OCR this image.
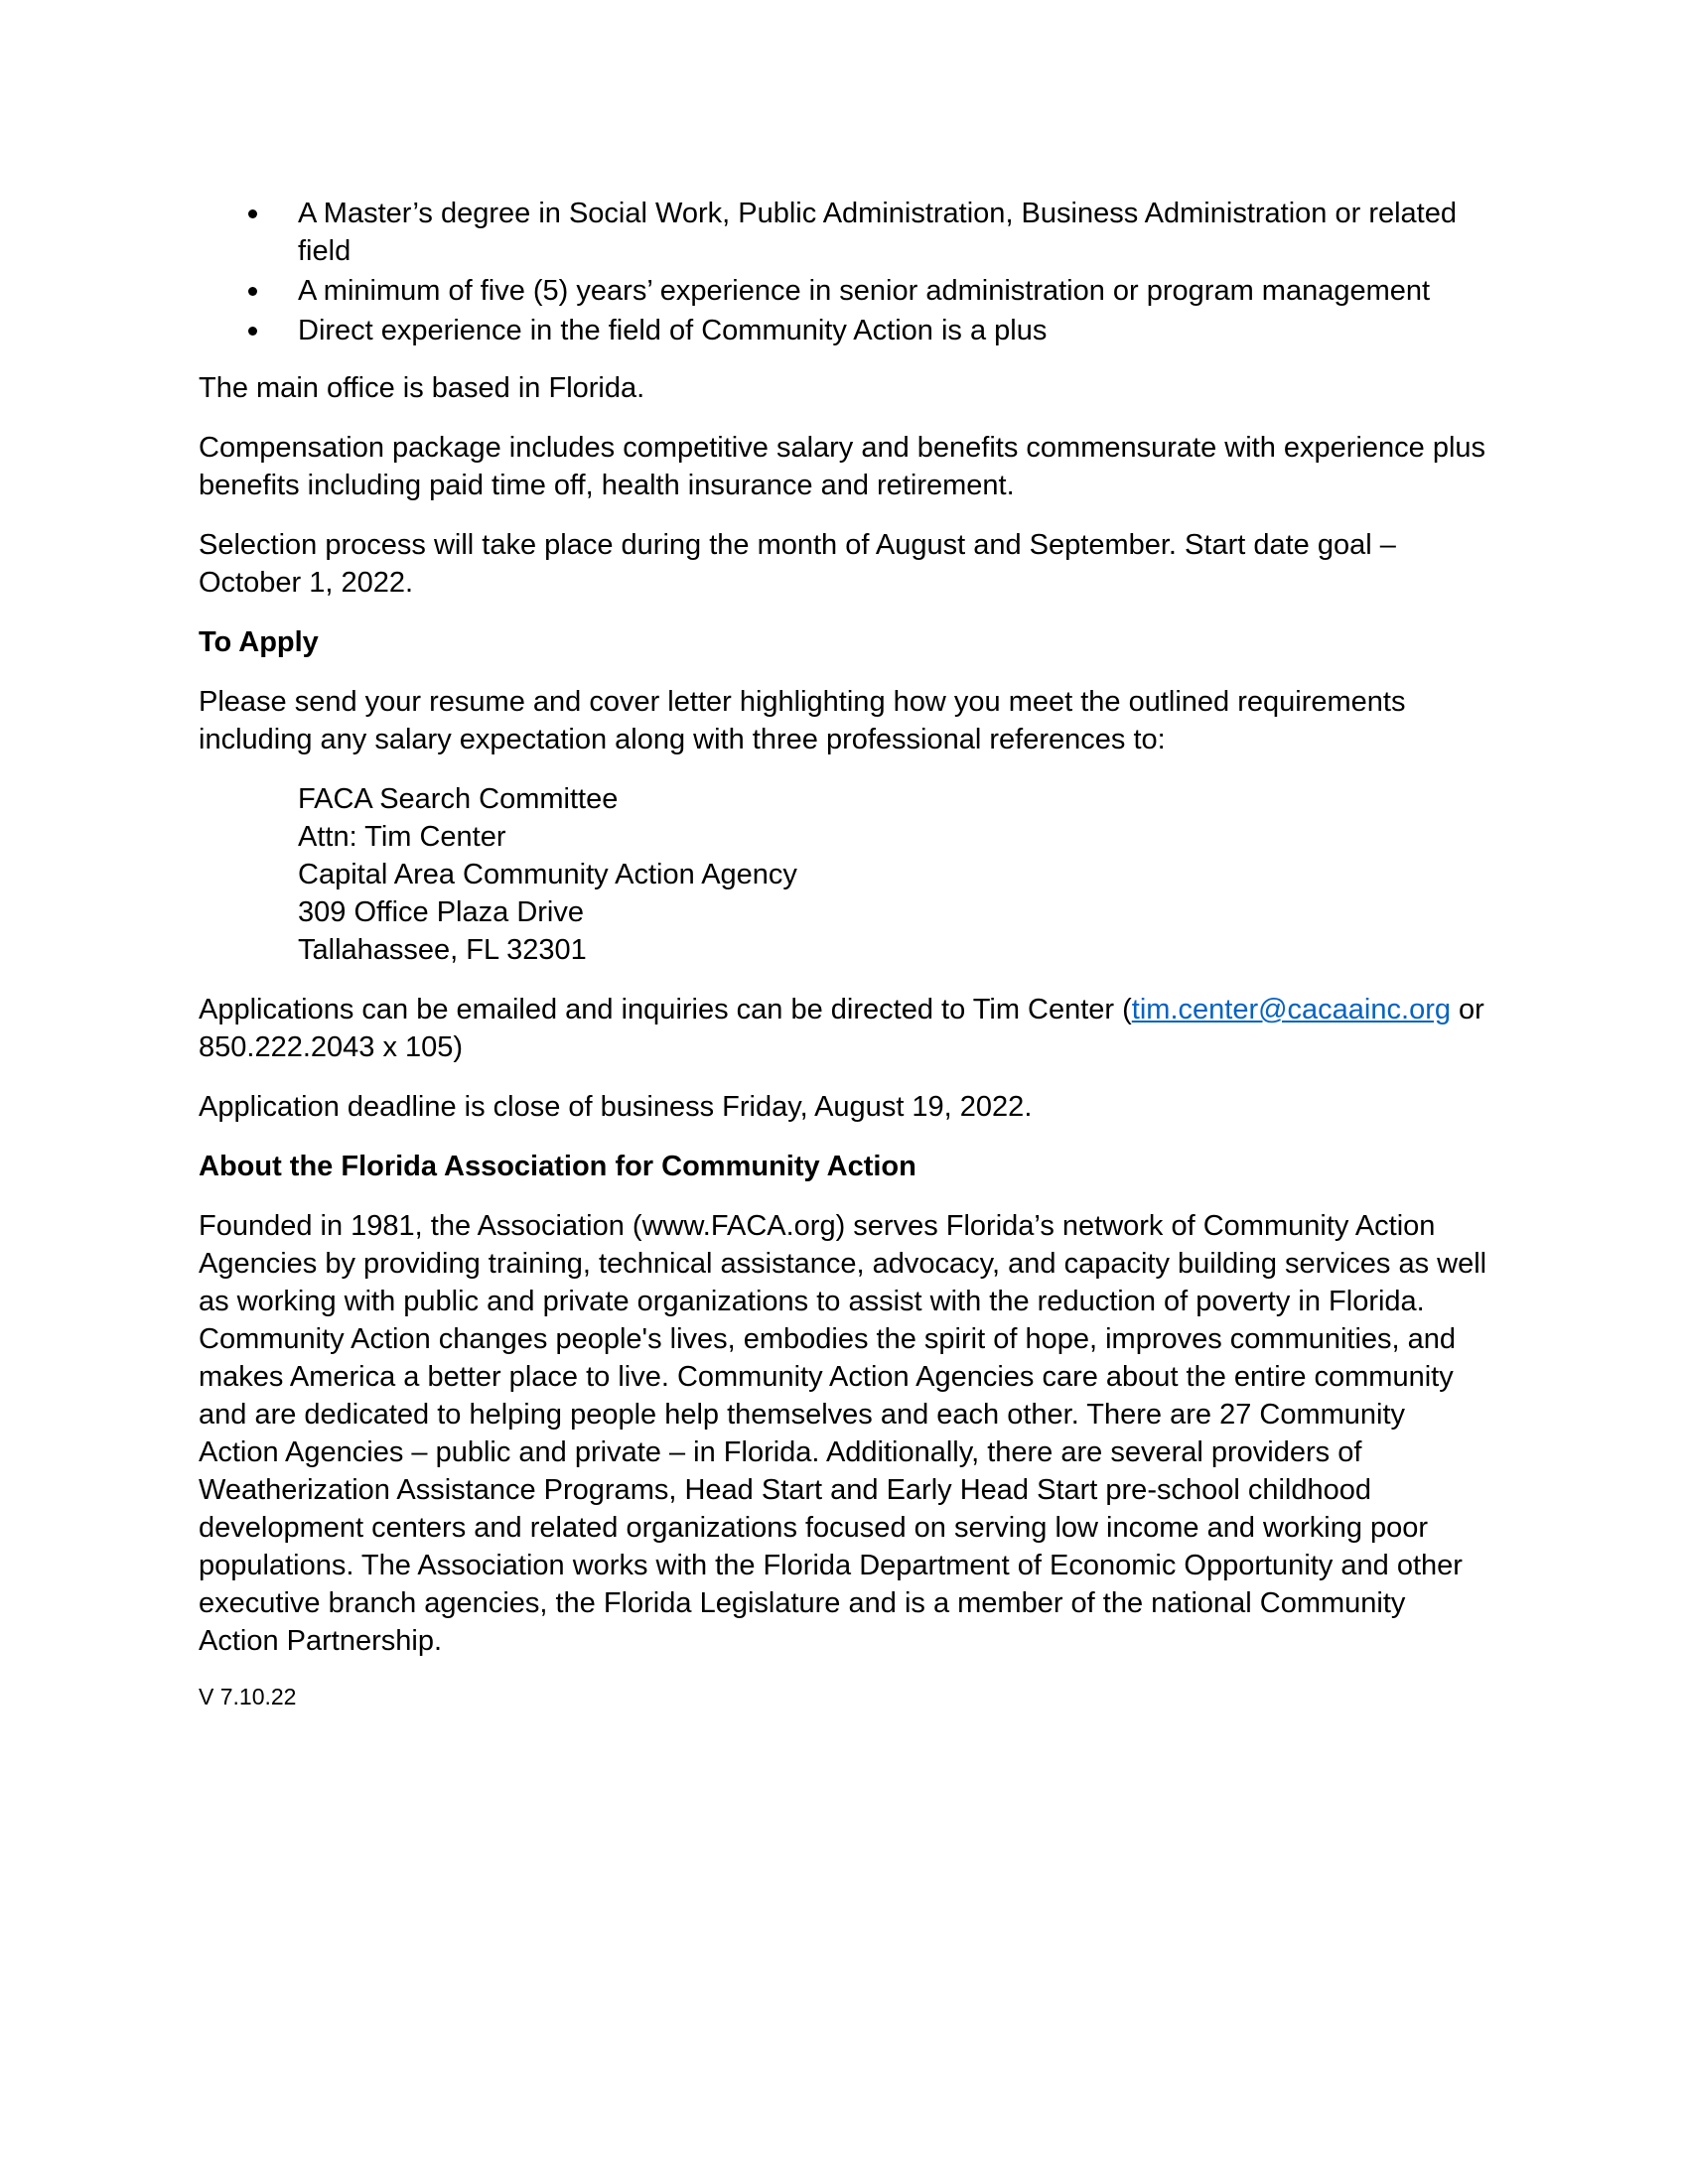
A Master’s degree in Social Work, Public Administration, Business Administration or related field
A minimum of five (5) years’ experience in senior administration or program management
Direct experience in the field of Community Action is a plus

The main office is based in Florida.

Compensation package includes competitive salary and benefits commensurate with experience plus benefits including paid time off, health insurance and retirement.

Selection process will take place during the month of August and September. Start date goal – October 1, 2022.

To Apply

Please send your resume and cover letter highlighting how you meet the outlined requirements including any salary expectation along with three professional references to:

FACA Search Committee
Attn: Tim Center
Capital Area Community Action Agency
309 Office Plaza Drive
Tallahassee, FL 32301

Applications can be emailed and inquiries can be directed to Tim Center (tim.center@cacaainc.org or 850.222.2043 x 105)

Application deadline is close of business Friday, August 19, 2022.

About the Florida Association for Community Action

Founded in 1981, the Association (www.FACA.org) serves Florida’s network of Community Action Agencies by providing training, technical assistance, advocacy, and capacity building services as well as working with public and private organizations to assist with the reduction of poverty in Florida. Community Action changes people's lives, embodies the spirit of hope, improves communities, and makes America a better place to live. Community Action Agencies care about the entire community and are dedicated to helping people help themselves and each other. There are 27 Community Action Agencies – public and private – in Florida. Additionally, there are several providers of Weatherization Assistance Programs, Head Start and Early Head Start pre-school childhood development centers and related organizations focused on serving low income and working poor populations. The Association works with the Florida Department of Economic Opportunity and other executive branch agencies, the Florida Legislature and is a member of the national Community Action Partnership.

V 7.10.22
